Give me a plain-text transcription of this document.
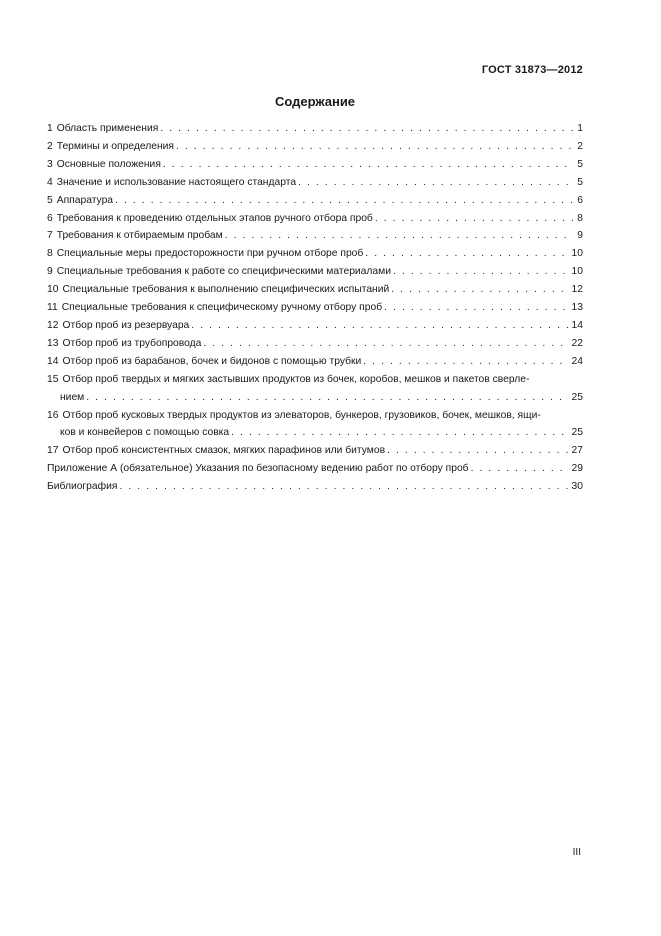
ГОСТ 31873—2012
Содержание
1 Область применения . . .	1
2 Термины и определения . . .	2
3 Основные положения . . .	5
4 Значение и использование настоящего стандарта . . .	5
5 Аппаратура . . .	6
6 Требования к проведению отдельных этапов ручного отбора проб . . .	8
7 Требования к отбираемым пробам . . .	9
8 Специальные меры предосторожности при ручном отборе проб . . .	10
9 Специальные требования к работе со специфическими материалами . . .	10
10 Специальные требования к выполнению специфических испытаний . . .	12
11 Специальные требования к специфическому ручному отбору проб . . .	13
12 Отбор проб из резервуара . . .	14
13 Отбор проб из трубопровода . . .	22
14 Отбор проб из барабанов, бочек и бидонов с помощью трубки . . .	24
15 Отбор проб твердых и мягких застывших продуктов из бочек, коробов, мешков и пакетов сверле-
нием . . .	25
16 Отбор проб кусковых твердых продуктов из элеваторов, бункеров, грузовиков, бочек, мешков, ящи-
ков и конвейеров с помощью совка . . .	25
17 Отбор проб консистентных смазок, мягких парафинов или битумов . . .	27
Приложение А (обязательное) Указания по безопасному ведению работ по отбору проб . . .	29
Библиография . . .	30
III
